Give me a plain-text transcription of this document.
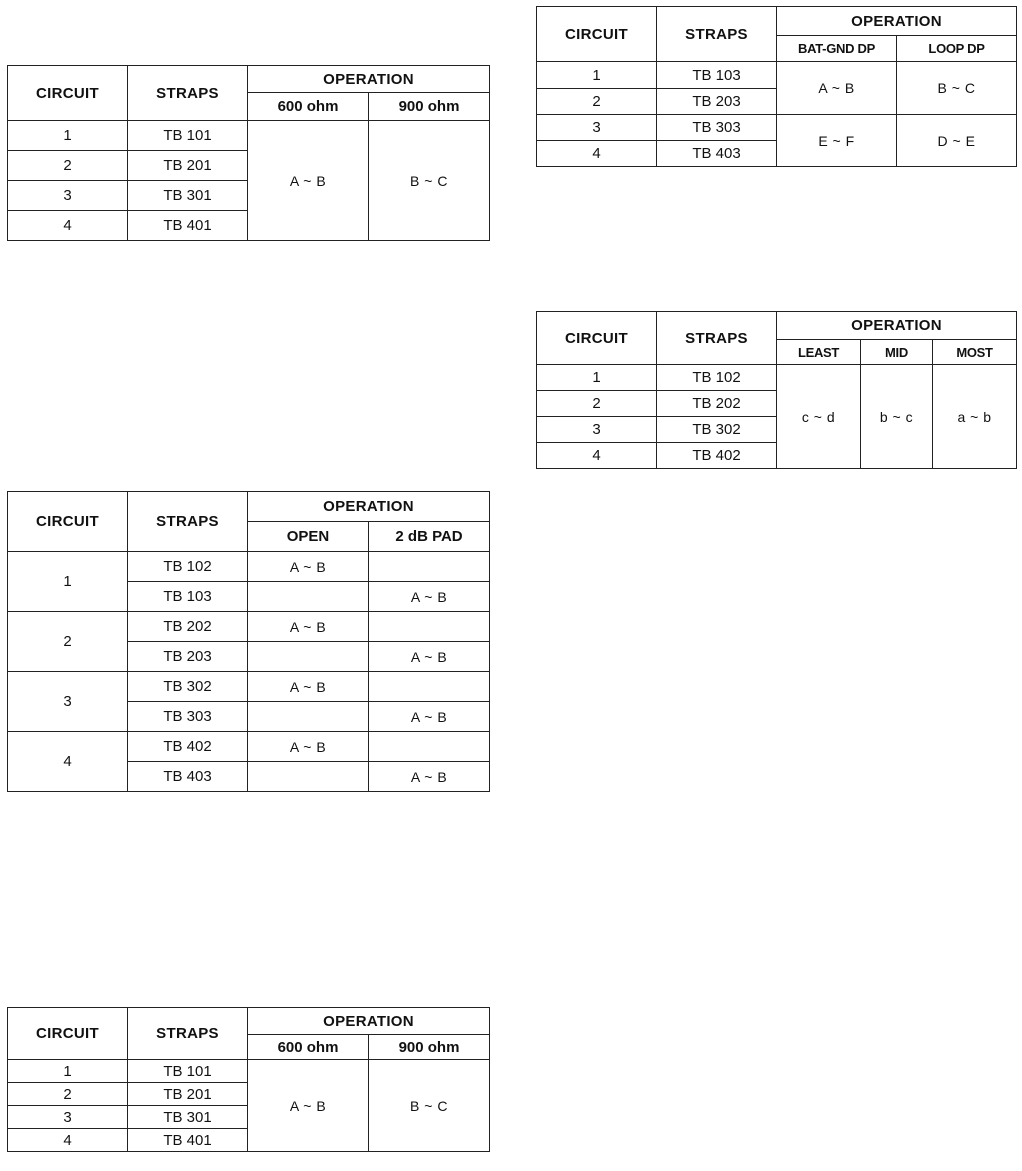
CIRCUIT	STRAPS	OPERATION	
		600 ohm	900 ohm
1	TB 101	A ~ B	B ~ C
2	TB 201		
3	TB 301		
4	TB 401		
CIRCUIT	STRAPS	OPERATION	
		BAT-GND DP	LOOP DP
1	TB 103	A ~ B	B ~ C
2	TB 203		
3	TB 303	E ~ F	D ~ E
4	TB 403		
CIRCUIT	STRAPS	OPERATION		
		LEAST	MID	MOST
1	TB 102	c ~ d	b ~ c	a ~ b
2	TB 202			
3	TB 302			
4	TB 402			
CIRCUIT	STRAPS	OPERATION	
		OPEN	2 dB PAD
1	TB 102	A ~ B	
	TB 103		A ~ B
2	TB 202	A ~ B	
	TB 203		A ~ B
3	TB 302	A ~ B	
	TB 303		A ~ B
4	TB 402	A ~ B	
	TB 403		A ~ B
CIRCUIT	STRAPS	OPERATION	
		600 ohm	900 ohm
1	TB 101	A ~ B	B ~ C
2	TB 201		
3	TB 301		
4	TB 401		
